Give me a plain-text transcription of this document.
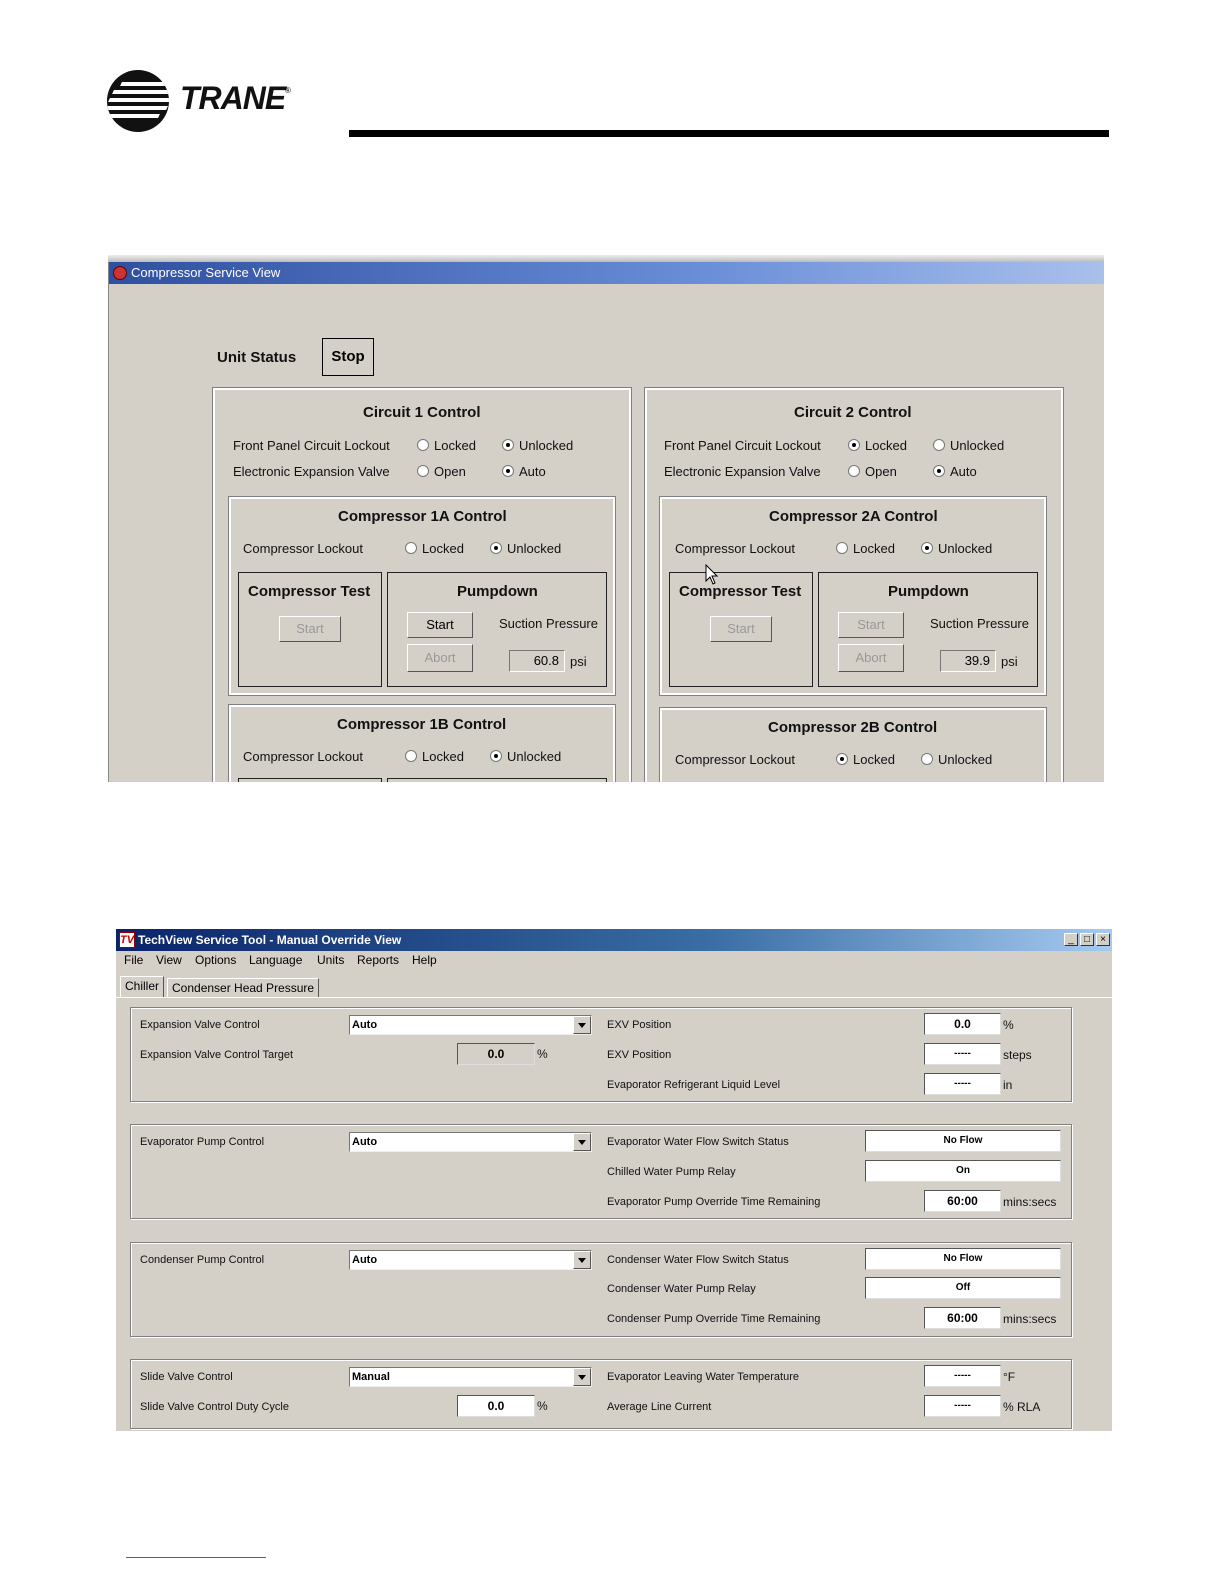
TRANE ®
Compressor Service View
Unit Status	Stop
Circuit 1 Control
Front Panel Circuit Lockout	Locked	Unlocked
Electronic Expansion Valve	Open	Auto
Compressor 1A Control
Compressor Lockout	Locked	Unlocked
Compressor Test
Start
Pumpdown
Start
Abort
Suction Pressure
60.8 psi
Compressor 1B Control
Compressor Lockout	Locked	Unlocked
Circuit 2 Control
Front Panel Circuit Lockout	Locked	Unlocked
Electronic Expansion Valve	Open	Auto
Compressor 2A Control
Compressor Lockout	Locked	Unlocked
Compressor Test
Start
Pumpdown
Start
Abort
Suction Pressure
39.9 psi
Compressor 2B Control
Compressor Lockout	Locked	Unlocked
TV TechView Service Tool - Manual Override View	_	□	×
File View Options Language Units Reports Help
Chiller	Condenser Head Pressure
Expansion Valve Control	Auto
Expansion Valve Control Target	0.0	%
EXV Position	0.0	%
EXV Position	-----	steps
Evaporator Refrigerant Liquid Level	-----	in
Evaporator Pump Control	Auto	Evaporator Water Flow Switch Status	No Flow
Chilled Water Pump Relay	On
Evaporator Pump Override Time Remaining	60:00	mins:secs
Condenser Pump Control	Auto	Condenser Water Flow Switch Status	No Flow
Condenser Water Pump Relay	Off
Condenser Pump Override Time Remaining	60:00	mins:secs
Slide Valve Control	Manual
Slide Valve Control Duty Cycle	0.0	%
Evaporator Leaving Water Temperature	-----	°F
Average Line Current	-----	% RLA
